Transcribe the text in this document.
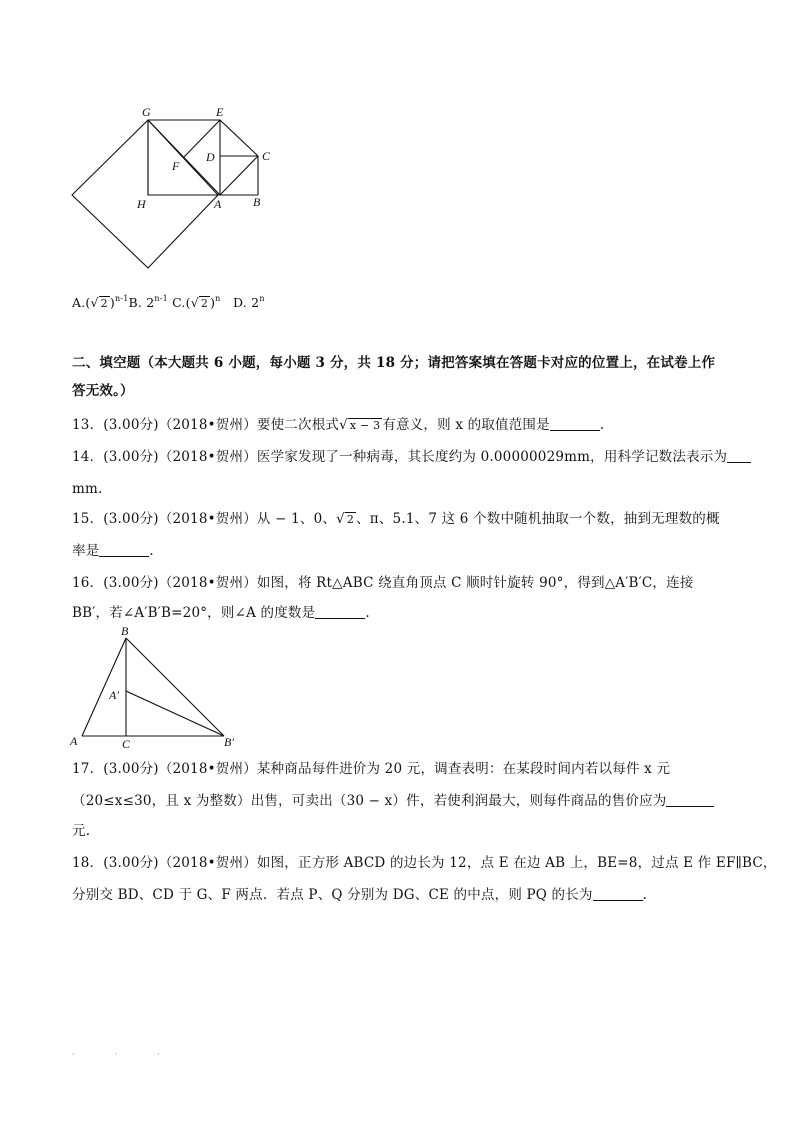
G	E
D	C
F
H	A	B
A.(√ 2 )$^{n-1}$B. 2$^{n-1}$ C.(√ 2 )$^n$ D. 2$^n$
二、填空题（本大题共 6 小题，每小题 3 分，共 18 分；请把答案填在答题卡对应的位置上，在试卷上作
答无效。）
13．(3.00分)（2018•贺州）要使二次根式√ x − 3 有意义，则 x 的取值范围是	.
14．(3.00分)（2018•贺州）医学家发现了一种病毒，其长度约为 0.00000029mm，用科学记数法表示为
mm.
15．(3.00分)（2018•贺州）从 − 1、0、√ 2 、π、5.1、7 这 6 个数中随机抽取一个数，抽到无理数的概
率是	.
16．(3.00分)（2018•贺州）如图，将 Rt△ABC 绕直角顶点 C 顺时针旋转 90°，得到△A′B′C，连接
BB′，若∠A′B′B=20°，则∠A 的度数是	.
B
A′
A	C	B′
17．(3.00分)（2018•贺州）某种商品每件进价为 20 元，调查表明：在某段时间内若以每件 x 元
（20≤x≤30，且 x 为整数）出售，可卖出（30 − x）件，若使利润最大，则每件商品的售价应为
元.
18．(3.00分)（2018•贺州）如图，正方形 ABCD 的边长为 12，点 E 在边 AB 上，BE=8，过点 E 作 EF∥BC，
分别交 BD、CD 于 G、F 两点．若点 P、Q 分别为 DG、CE 的中点，则 PQ 的长为	.
···
